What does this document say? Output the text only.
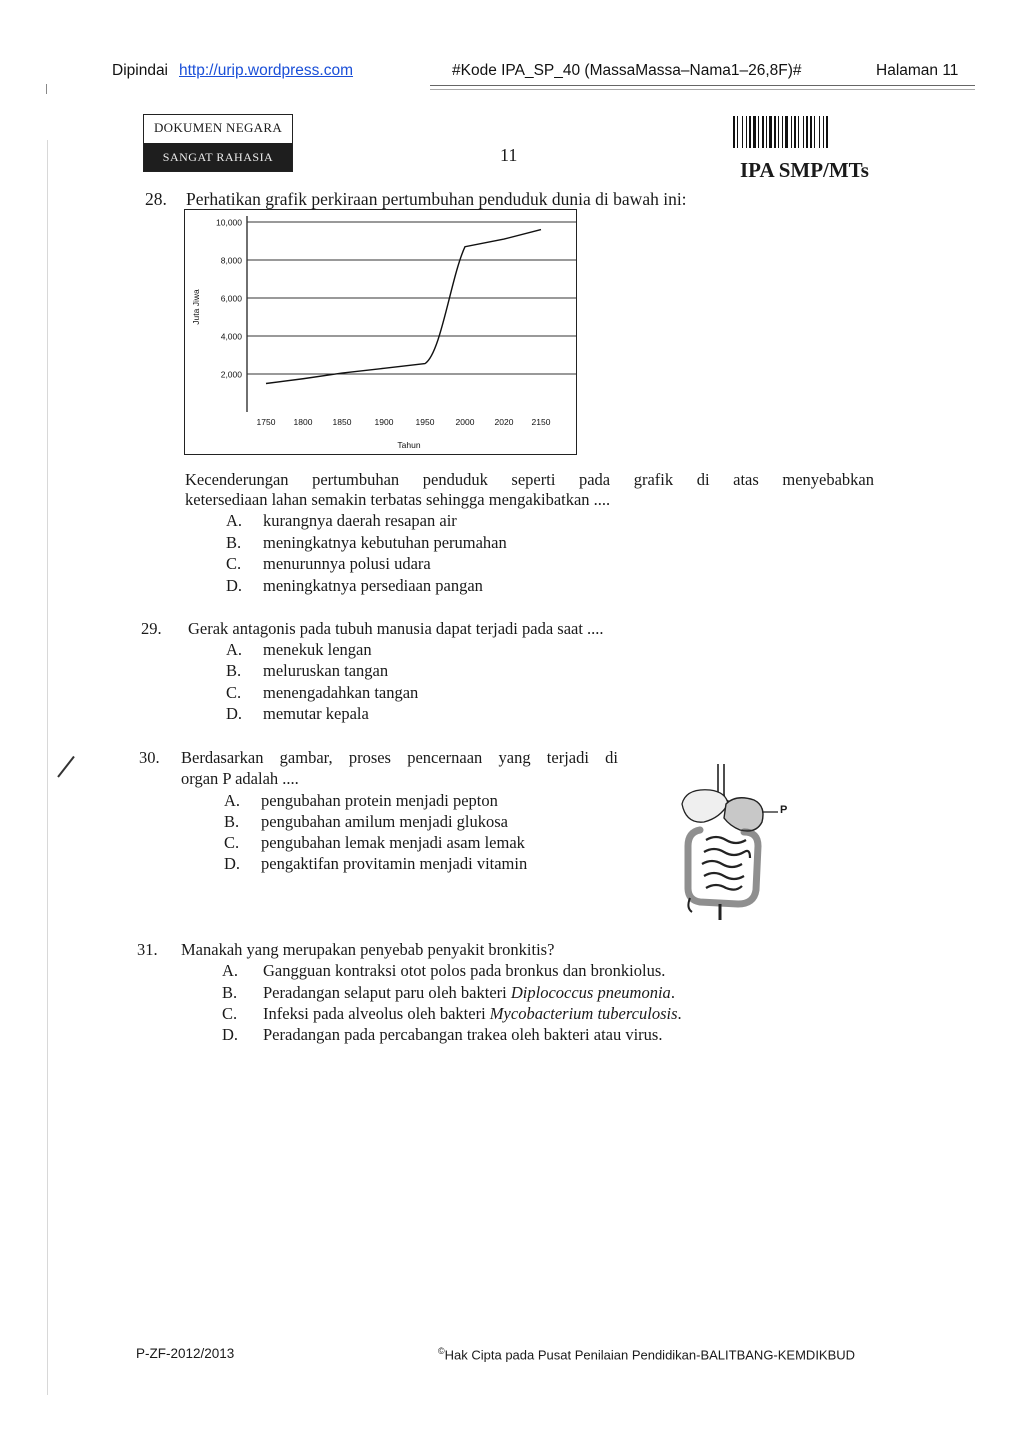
Dipindai http://urip.wordpress.com	#Kode IPA_SP_40 (MassaMassa–Nama1–26,8F)#	Halaman 11
DOKUMEN NEGARA
SANGAT RAHASIA	11
IPA SMP/MTs
28. Perhatikan grafik perkiraan pertumbuhan penduduk dunia di bawah ini:
2,000
4,000
6,000
8,000
10,000
Juta Jiwa
1750 1800 1850	1900	1950 2000 2020 2150
Tahun
Kecenderungan pertumbuhan penduduk seperti pada grafik di atas menyebabkan
ketersediaan lahan semakin terbatas sehingga mengakibatkan ....
A. kurangnya daerah resapan air
B. meningkatnya kebutuhan perumahan
C. menurunnya polusi udara
D. meningkatnya persediaan pangan
29. Gerak antagonis pada tubuh manusia dapat terjadi pada saat ....
A. menekuk lengan
B. meluruskan tangan
C. menengadahkan tangan
D. memutar kepala
30. Berdasarkan gambar, proses pencernaan yang terjadi di
organ P adalah ....
A. pengubahan protein menjadi pepton
B. pengubahan amilum menjadi glukosa
C. pengubahan lemak menjadi asam lemak
D. pengaktifan provitamin menjadi vitamin
P
31. Manakah yang merupakan penyebab penyakit bronkitis?
A. Gangguan kontraksi otot polos pada bronkus dan bronkiolus.
B. Peradangan selaput paru oleh bakteri Diplococcus pneumonia.
C. Infeksi pada alveolus oleh bakteri Mycobacterium tuberculosis.
D. Peradangan pada percabangan trakea oleh bakteri atau virus.
P-ZF-2012/2013	©Hak Cipta pada Pusat Penilaian Pendidikan-BALITBANG-KEMDIKBUD
